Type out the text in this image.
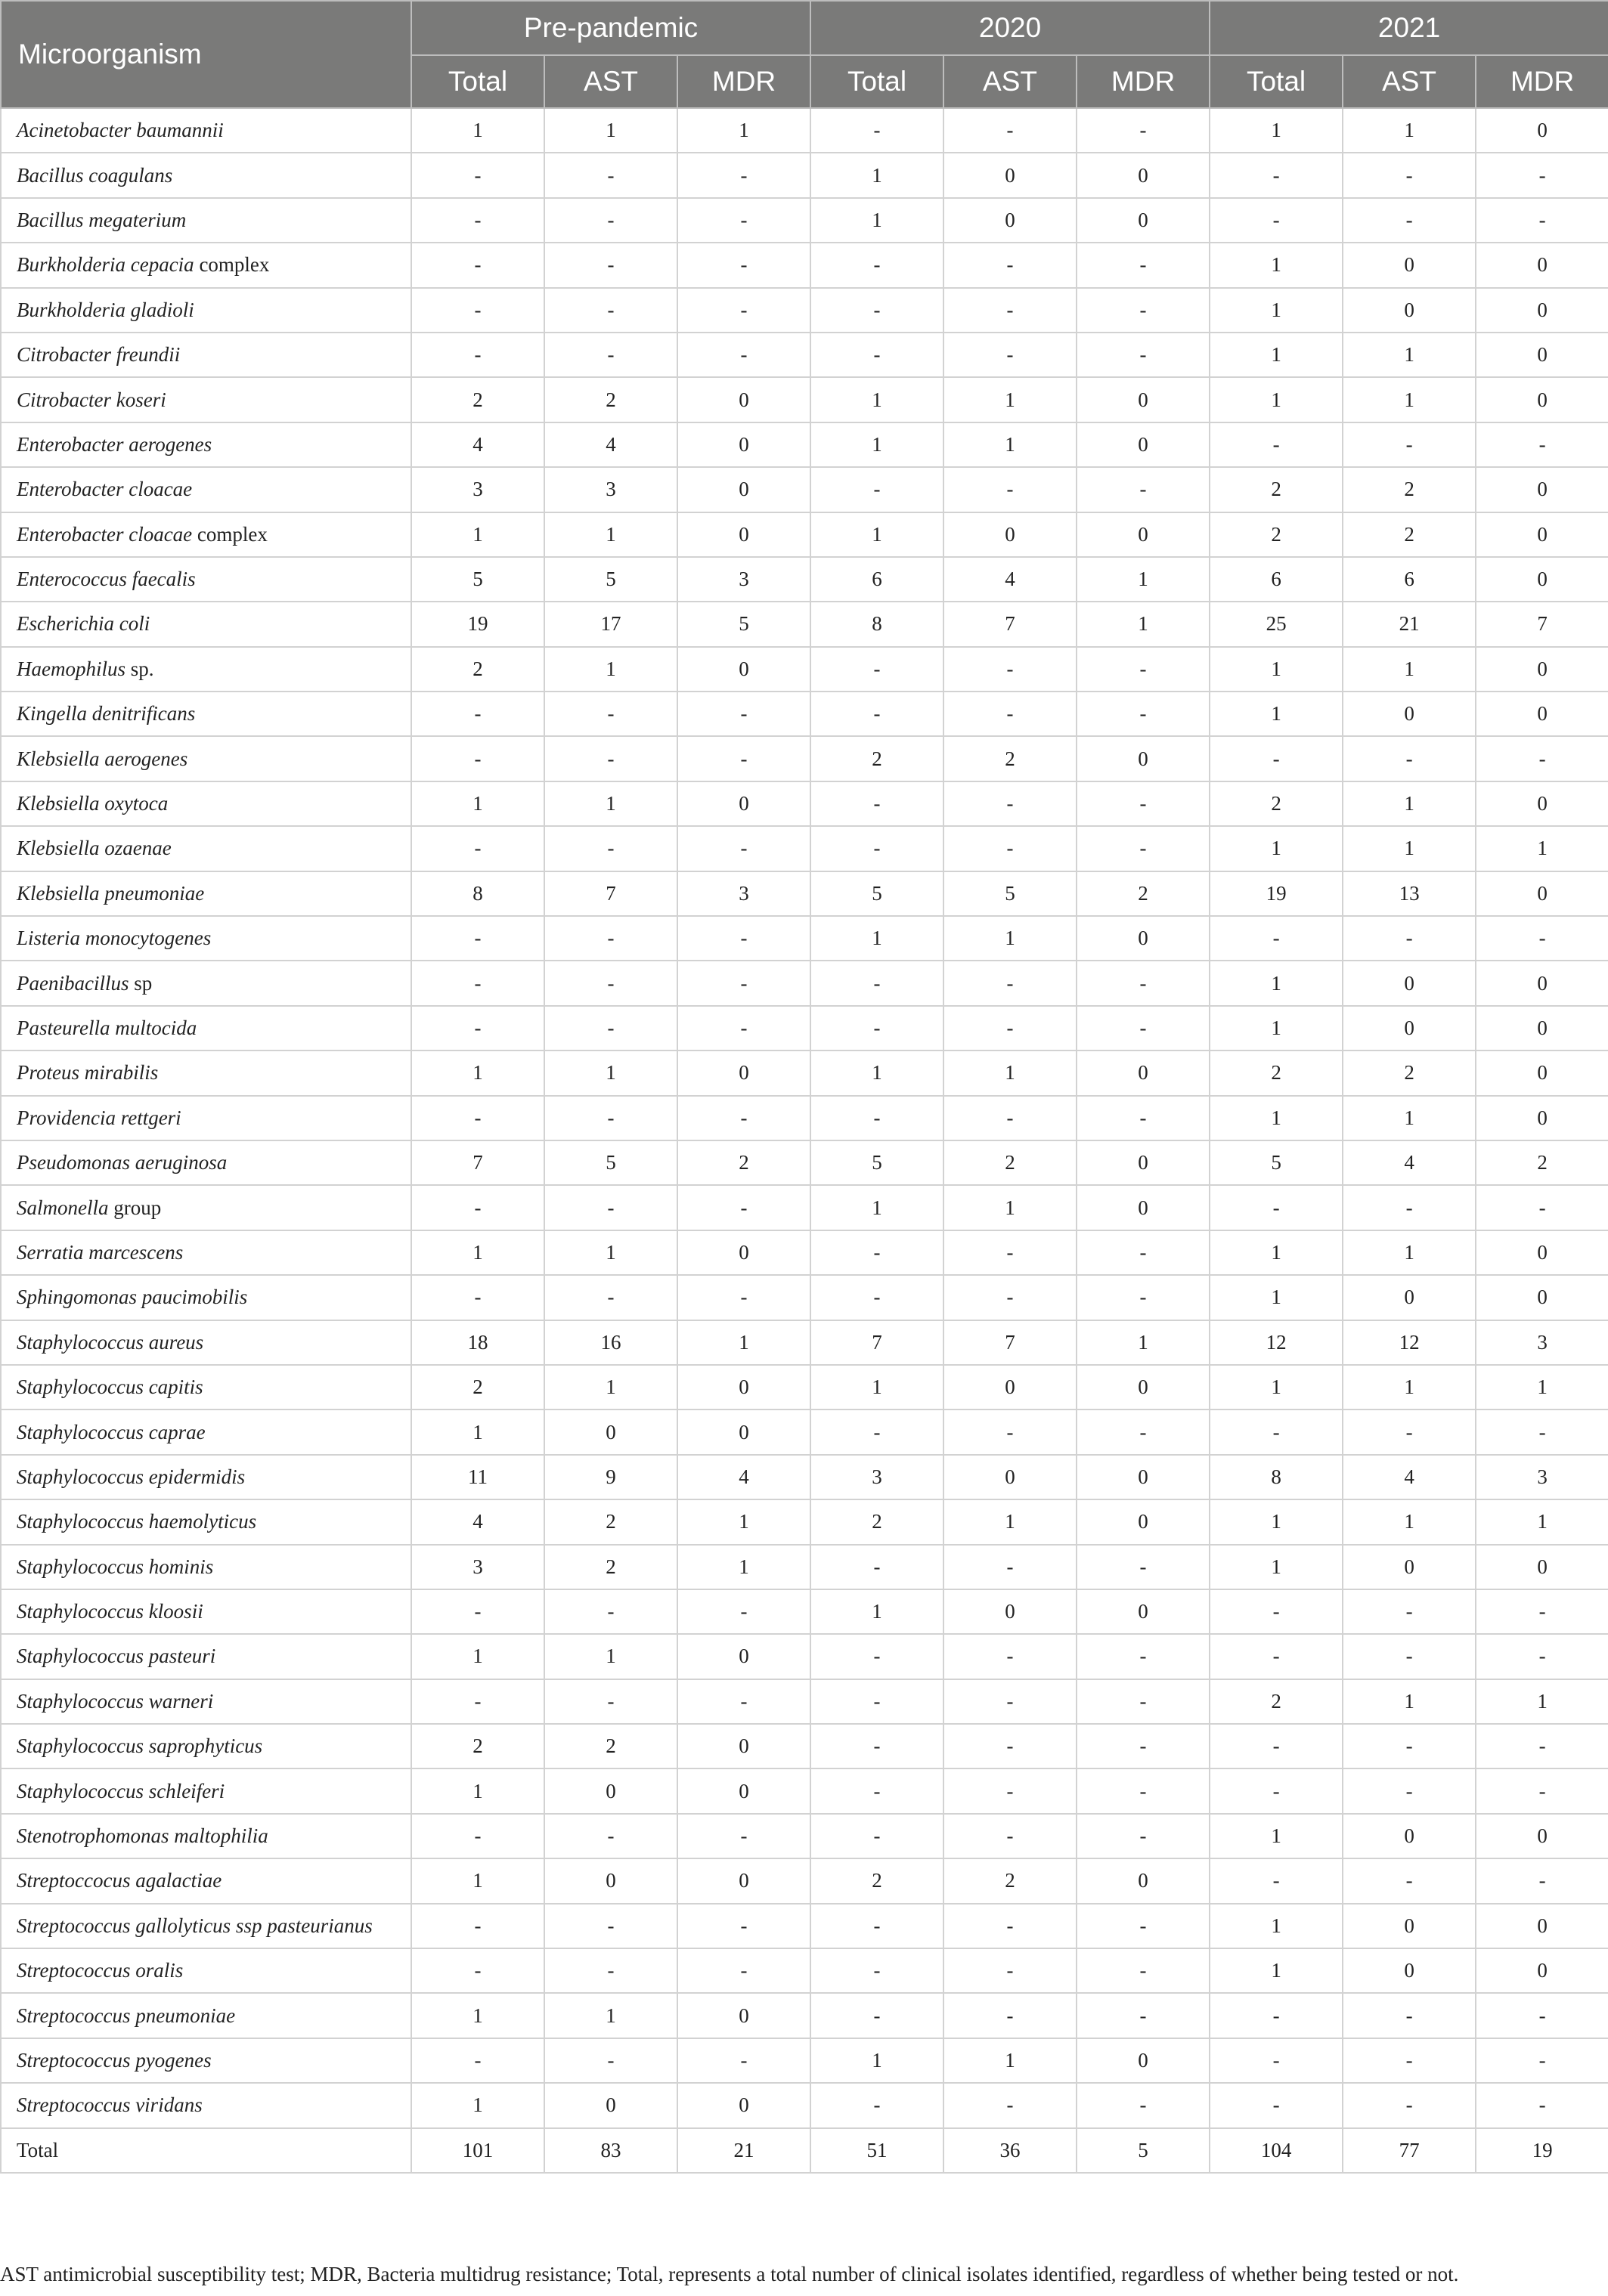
Microorganism	Pre-pandemic			2020			2021		
	Total	AST	MDR	Total	AST	MDR	Total	AST	MDR
Acinetobacter baumannii	1	1	1	-	-	-	1	1	0
Bacillus coagulans	-	-	-	1	0	0	-	-	-
Bacillus megaterium	-	-	-	1	0	0	-	-	-
Burkholderia cepacia complex	-	-	-	-	-	-	1	0	0
Burkholderia gladioli	-	-	-	-	-	-	1	0	0
Citrobacter freundii	-	-	-	-	-	-	1	1	0
Citrobacter koseri	2	2	0	1	1	0	1	1	0
Enterobacter aerogenes	4	4	0	1	1	0	-	-	-
Enterobacter cloacae	3	3	0	-	-	-	2	2	0
Enterobacter cloacae complex	1	1	0	1	0	0	2	2	0
Enterococcus faecalis	5	5	3	6	4	1	6	6	0
Escherichia coli	19	17	5	8	7	1	25	21	7
Haemophilus sp.	2	1	0	-	-	-	1	1	0
Kingella denitrificans	-	-	-	-	-	-	1	0	0
Klebsiella aerogenes	-	-	-	2	2	0	-	-	-
Klebsiella oxytoca	1	1	0	-	-	-	2	1	0
Klebsiella ozaenae	-	-	-	-	-	-	1	1	1
Klebsiella pneumoniae	8	7	3	5	5	2	19	13	0
Listeria monocytogenes	-	-	-	1	1	0	-	-	-
Paenibacillus sp	-	-	-	-	-	-	1	0	0
Pasteurella multocida	-	-	-	-	-	-	1	0	0
Proteus mirabilis	1	1	0	1	1	0	2	2	0
Providencia rettgeri	-	-	-	-	-	-	1	1	0
Pseudomonas aeruginosa	7	5	2	5	2	0	5	4	2
Salmonella group	-	-	-	1	1	0	-	-	-
Serratia marcescens	1	1	0	-	-	-	1	1	0
Sphingomonas paucimobilis	-	-	-	-	-	-	1	0	0
Staphylococcus aureus	18	16	1	7	7	1	12	12	3
Staphylococcus capitis	2	1	0	1	0	0	1	1	1
Staphylococcus caprae	1	0	0	-	-	-	-	-	-
Staphylococcus epidermidis	11	9	4	3	0	0	8	4	3
Staphylococcus haemolyticus	4	2	1	2	1	0	1	1	1
Staphylococcus hominis	3	2	1	-	-	-	1	0	0
Staphylococcus kloosii	-	-	-	1	0	0	-	-	-
Staphylococcus pasteuri	1	1	0	-	-	-	-	-	-
Staphylococcus warneri	-	-	-	-	-	-	2	1	1
Staphylococcus saprophyticus	2	2	0	-	-	-	-	-	-
Staphylococcus schleiferi	1	0	0	-	-	-	-	-	-
Stenotrophomonas maltophilia	-	-	-	-	-	-	1	0	0
Streptoccocus agalactiae	1	0	0	2	2	0	-	-	-
Streptococcus gallolyticus ssp pasteurianus	-	-	-	-	-	-	1	0	0
Streptococcus oralis	-	-	-	-	-	-	1	0	0
Streptococcus pneumoniae	1	1	0	-	-	-	-	-	-
Streptococcus pyogenes	-	-	-	1	1	0	-	-	-
Streptococcus viridans	1	0	0	-	-	-	-	-	-
Total	101	83	21	51	36	5	104	77	19
AST antimicrobial susceptibility test; MDR, Bacteria multidrug resistance; Total, represents a total number of clinical isolates identified, regardless of whether being tested or not.
